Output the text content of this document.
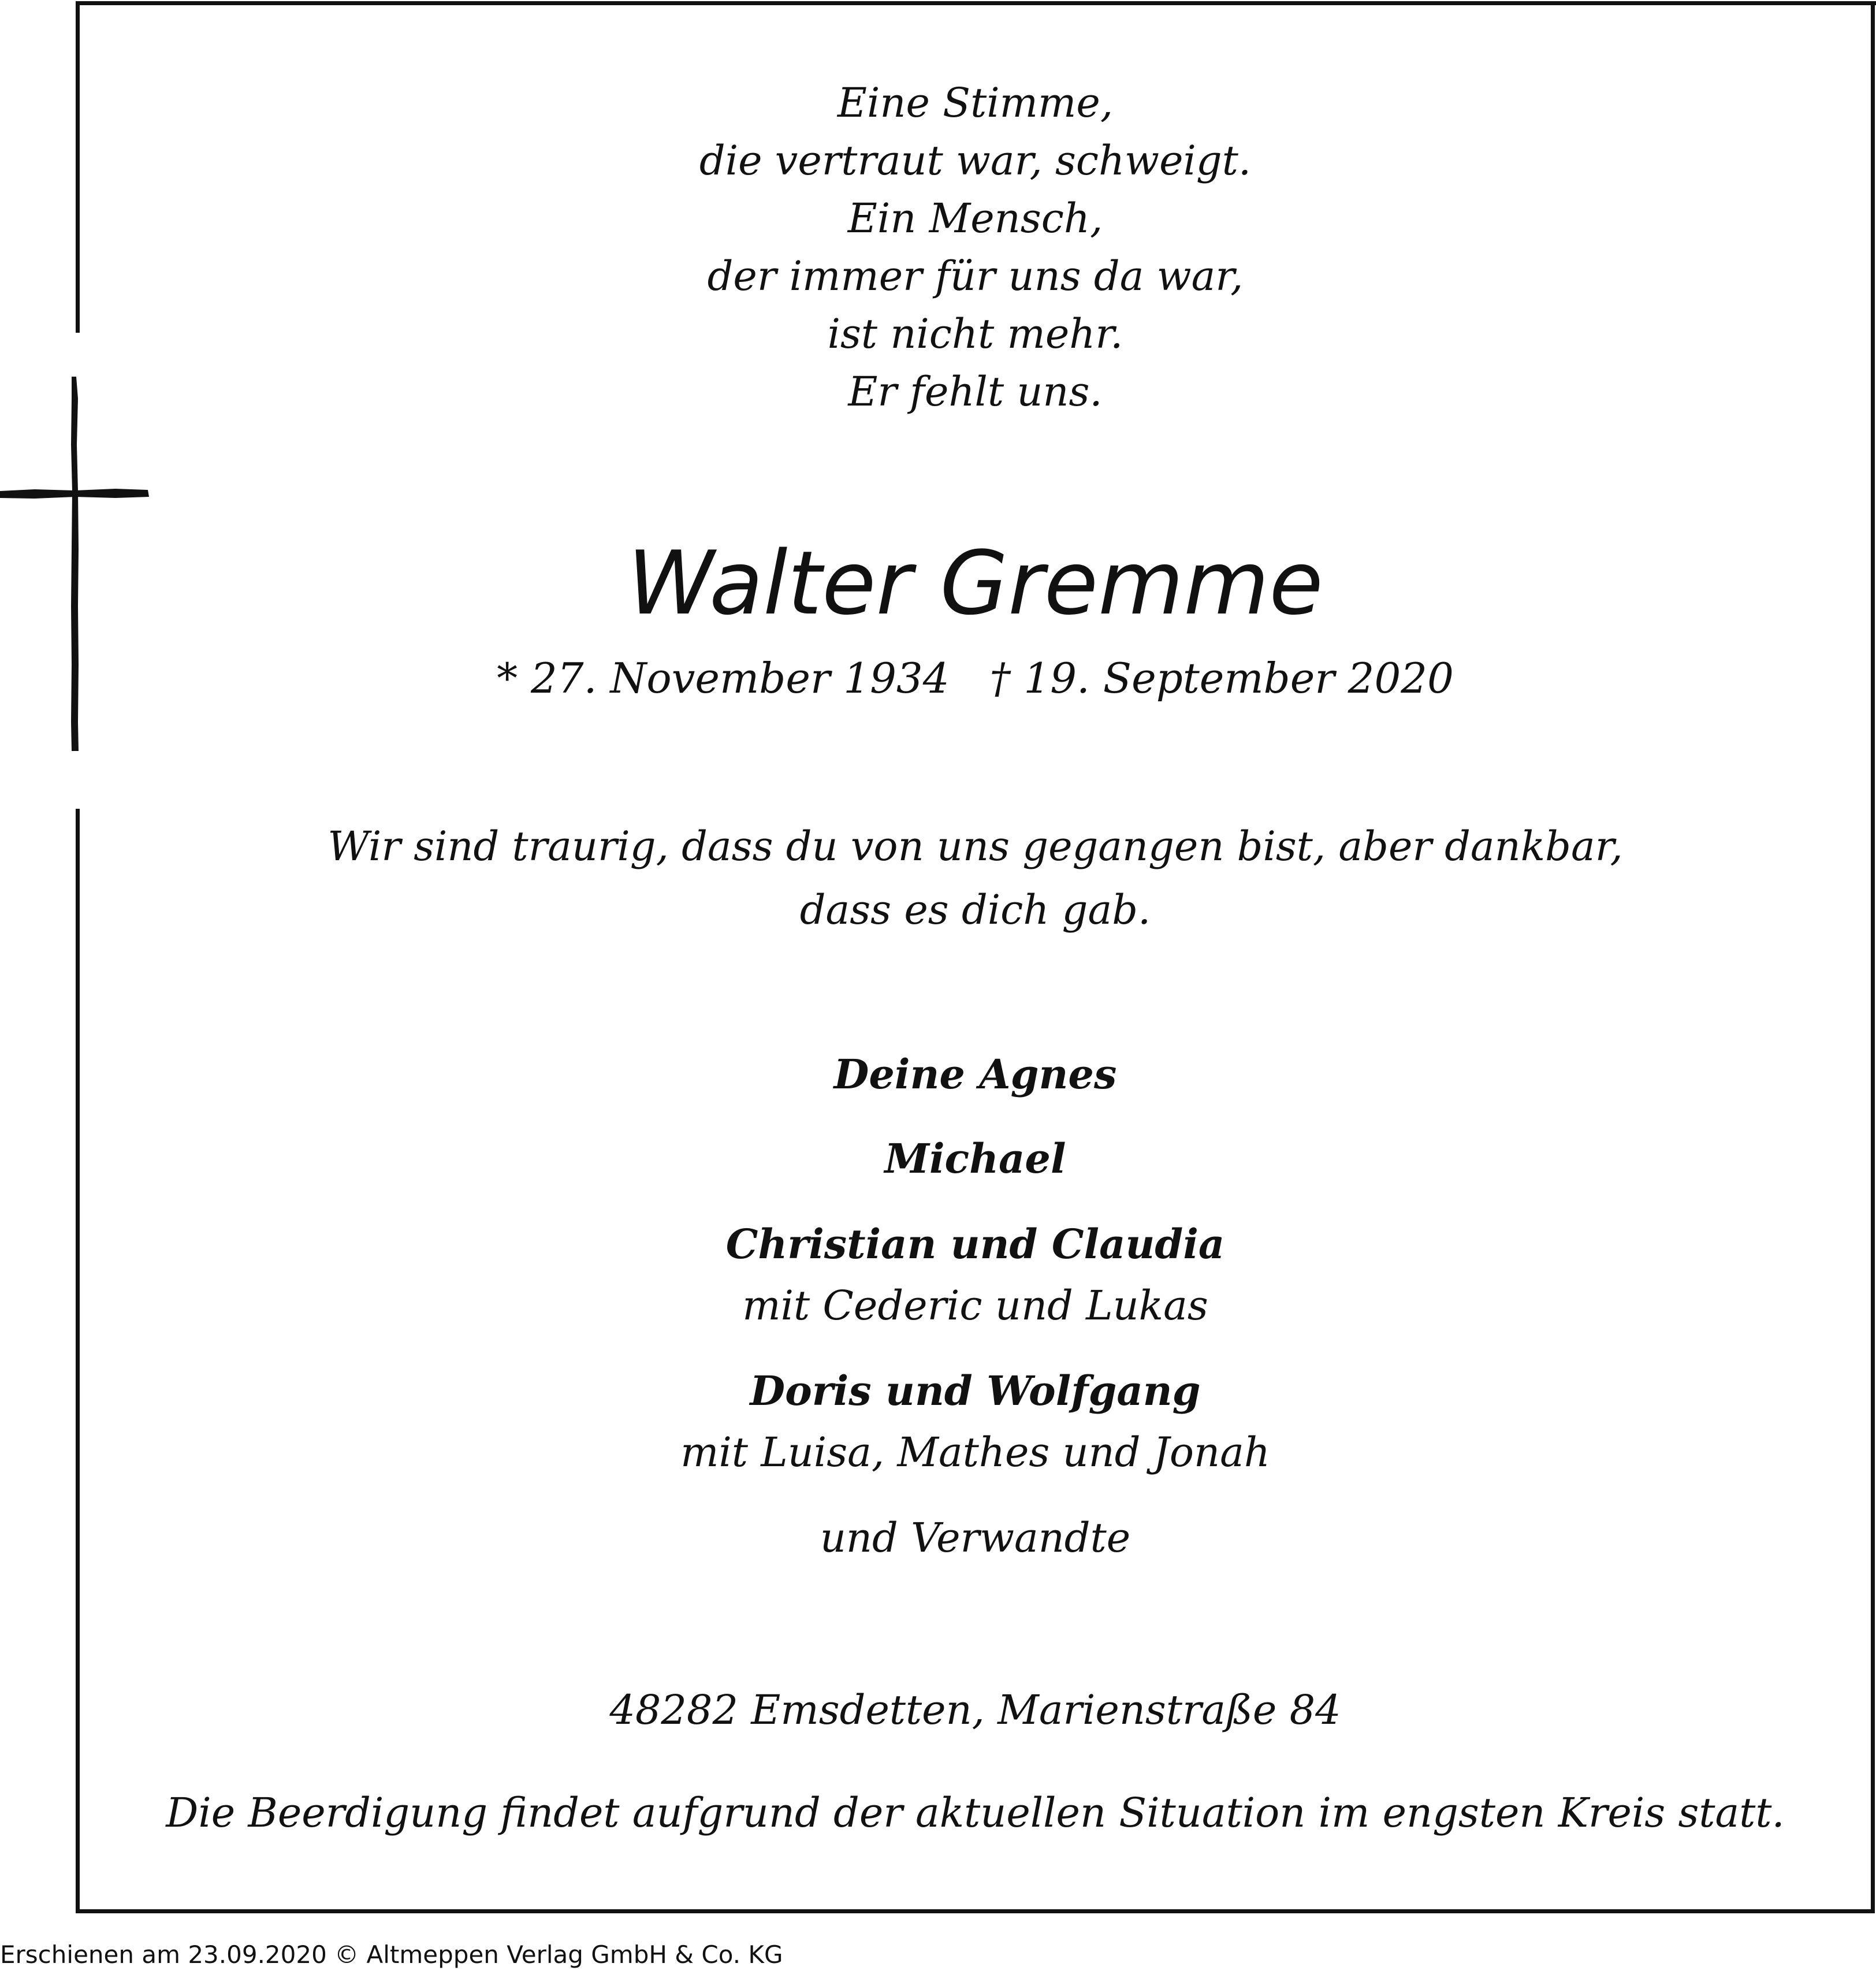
Eine Stimme,
die vertraut war, schweigt.
Ein Mensch,
der immer für uns da war,
ist nicht mehr.
Er fehlt uns.
Walter Gremme
* 27. November 1934 † 19. September 2020
Wir sind traurig, dass du von uns gegangen bist, aber dankbar,
dass es dich gab.
Deine Agnes
Michael
Christian und Claudia
mit Cederic und Lukas
Doris und Wolfgang
mit Luisa, Mathes und Jonah
und Verwandte
48282 Emsdetten, Marienstraße 84
Die Beerdigung findet aufgrund der aktuellen Situation im engsten Kreis statt.
Erschienen am 23.09.2020 © Altmeppen Verlag GmbH & Co. KG
